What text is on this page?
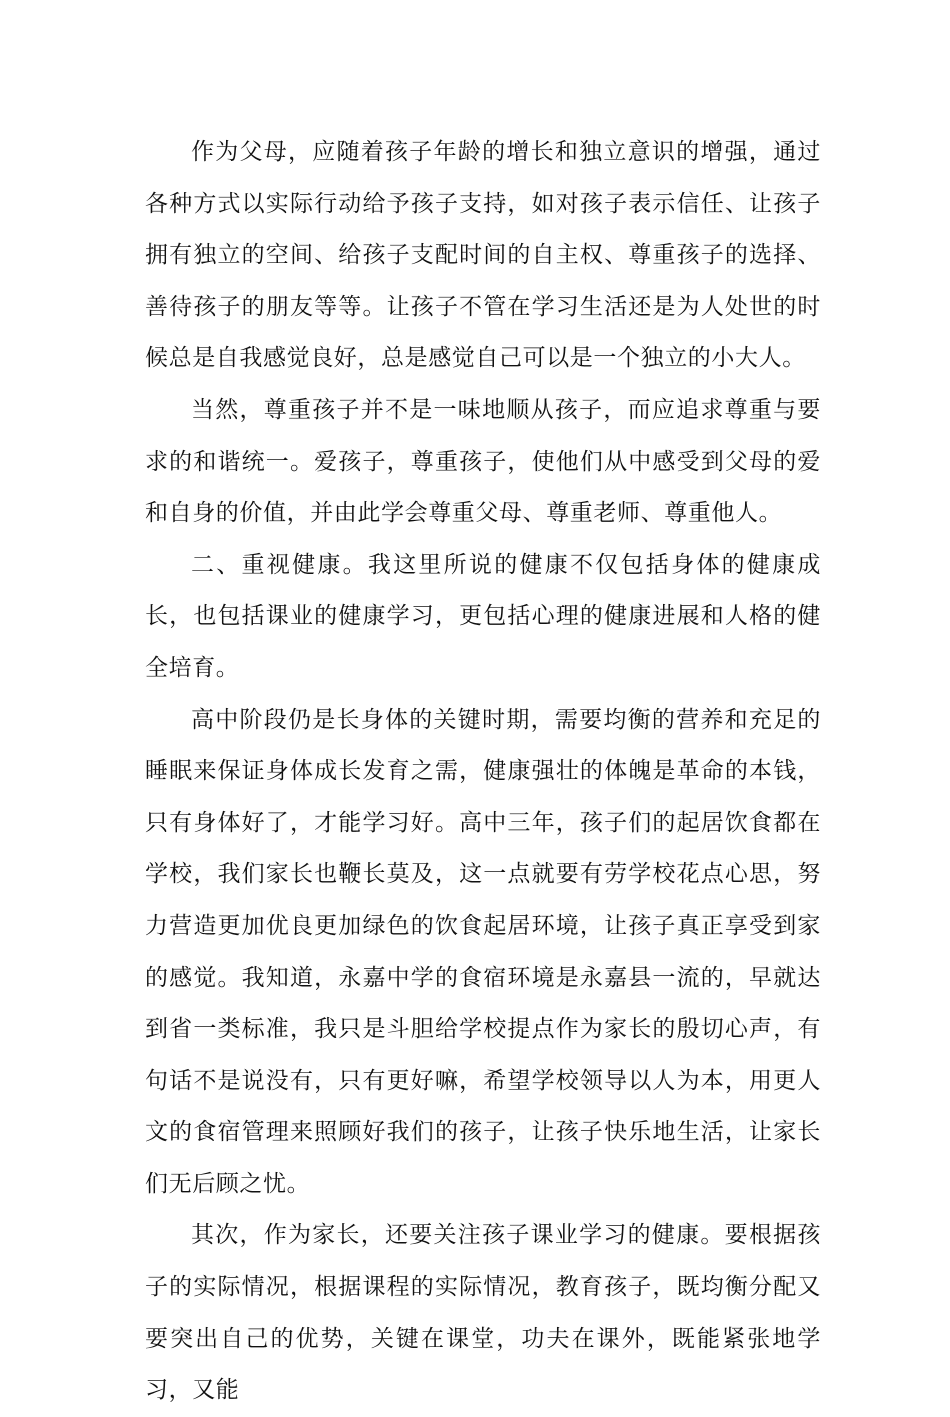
作为父母，应随着孩子年龄的增长和独立意识的增强，通过各种方式以实际行动给予孩子支持，如对孩子表示信任、让孩子拥有独立的空间、给孩子支配时间的自主权、尊重孩子的选择、善待孩子的朋友等等。让孩子不管在学习生活还是为人处世的时候总是自我感觉良好，总是感觉自己可以是一个独立的小大人。

当然，尊重孩子并不是一味地顺从孩子，而应追求尊重与要求的和谐统一。爱孩子，尊重孩子，使他们从中感受到父母的爱和自身的价值，并由此学会尊重父母、尊重老师、尊重他人。

二、重视健康。我这里所说的健康不仅包括身体的健康成长，也包括课业的健康学习，更包括心理的健康进展和人格的健全培育。

高中阶段仍是长身体的关键时期，需要均衡的营养和充足的睡眠来保证身体成长发育之需，健康强壮的体魄是革命的本钱，只有身体好了，才能学习好。高中三年，孩子们的起居饮食都在学校，我们家长也鞭长莫及，这一点就要有劳学校花点心思，努力营造更加优良更加绿色的饮食起居环境，让孩子真正享受到家的感觉。我知道，永嘉中学的食宿环境是永嘉县一流的，早就达到省一类标准，我只是斗胆给学校提点作为家长的殷切心声，有句话不是说没有，只有更好嘛，希望学校领导以人为本，用更人文的食宿管理来照顾好我们的孩子，让孩子快乐地生活，让家长们无后顾之忧。

其次，作为家长，还要关注孩子课业学习的健康。要根据孩子的实际情况，根据课程的实际情况，教育孩子，既均衡分配又要突出自己的优势，关键在课堂，功夫在课外，既能紧张地学习，又能
